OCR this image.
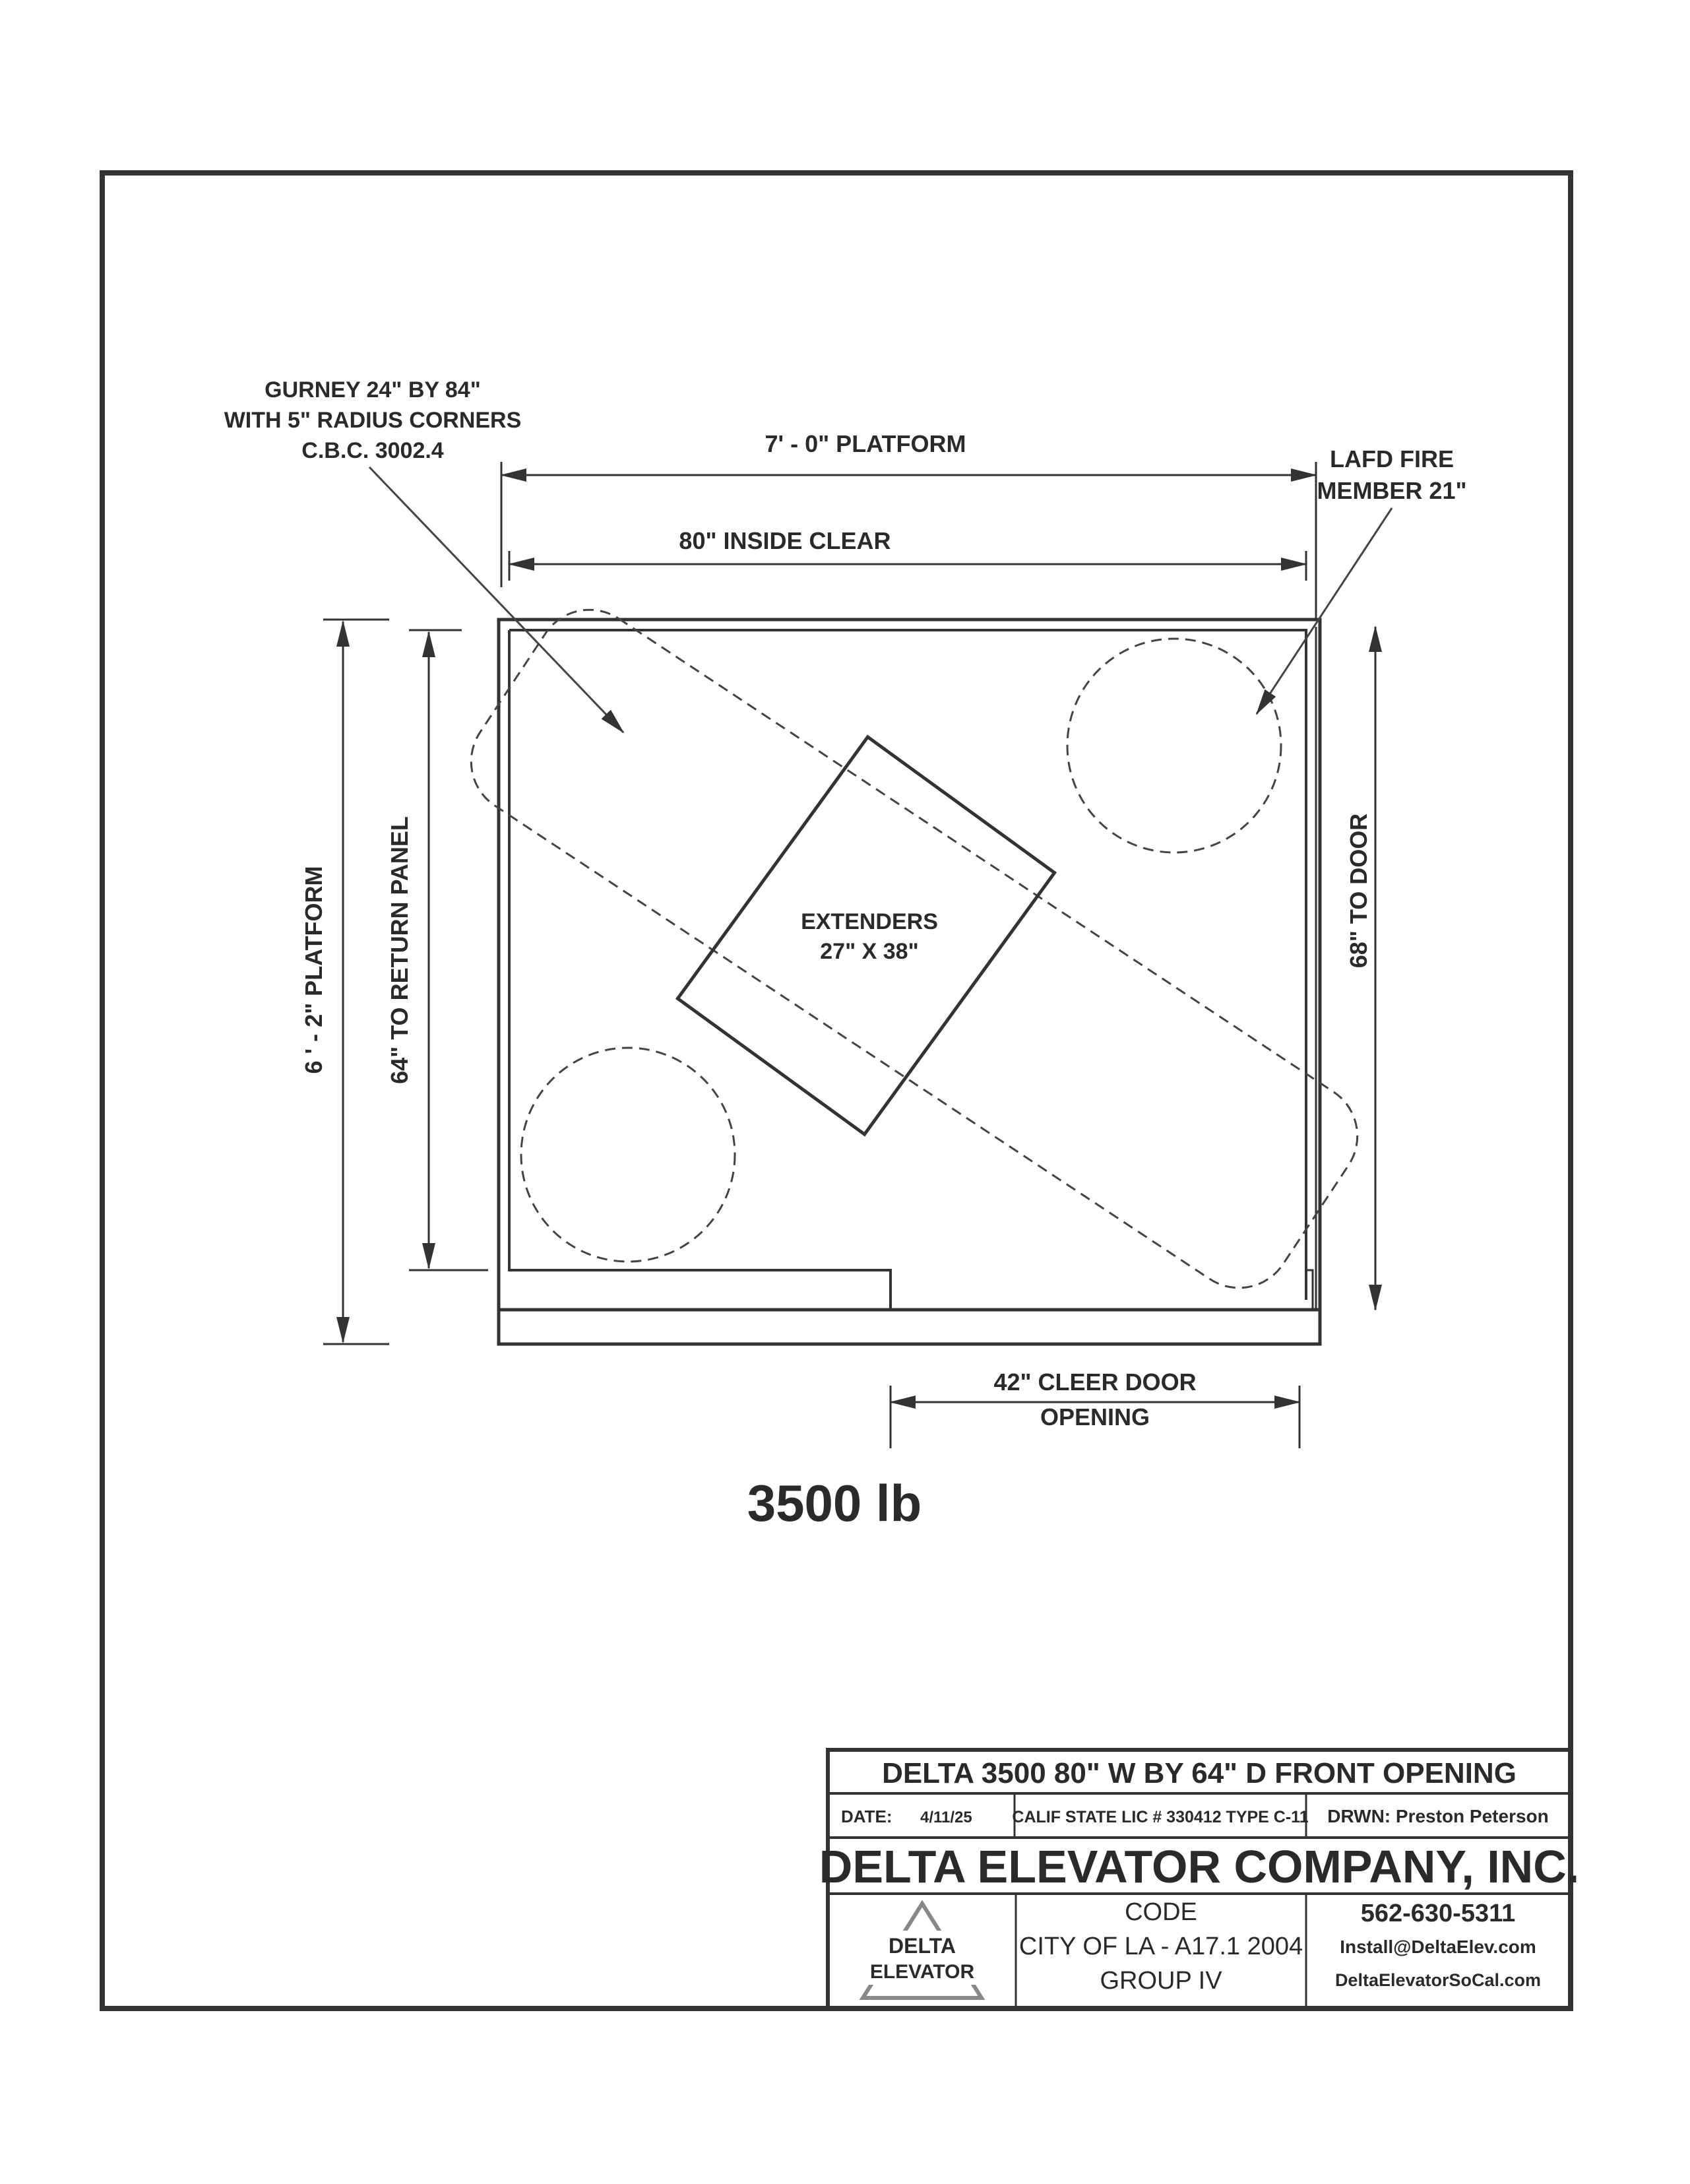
GURNEY 24" BY 84"
WITH 5" RADIUS CORNERS
C.B.C. 3002.4	LAFD FIRE
MEMBER 21"
EXTENDERS
27" X 38"
7' - 0" PLATFORM
80" INSIDE CLEAR
6 ' - 2" PLATFORM 64" TO RETURN PANEL	68" TO DOOR
42" CLEER DOOR
OPENING
3500 lb
DELTA 3500 80" W BY 64" D FRONT OPENING
DATE: 4/11/25 CALIF STATE LIC # 330412 TYPE C-11 DRWN: Preston Peterson
DELTA ELEVATOR COMPANY, INC.
DELTA
ELEVATOR
CODE
CITY OF LA - A17.1 2004
GROUP IV
562-630-5311
Install@DeltaElev.com
DeltaElevatorSoCal.com
